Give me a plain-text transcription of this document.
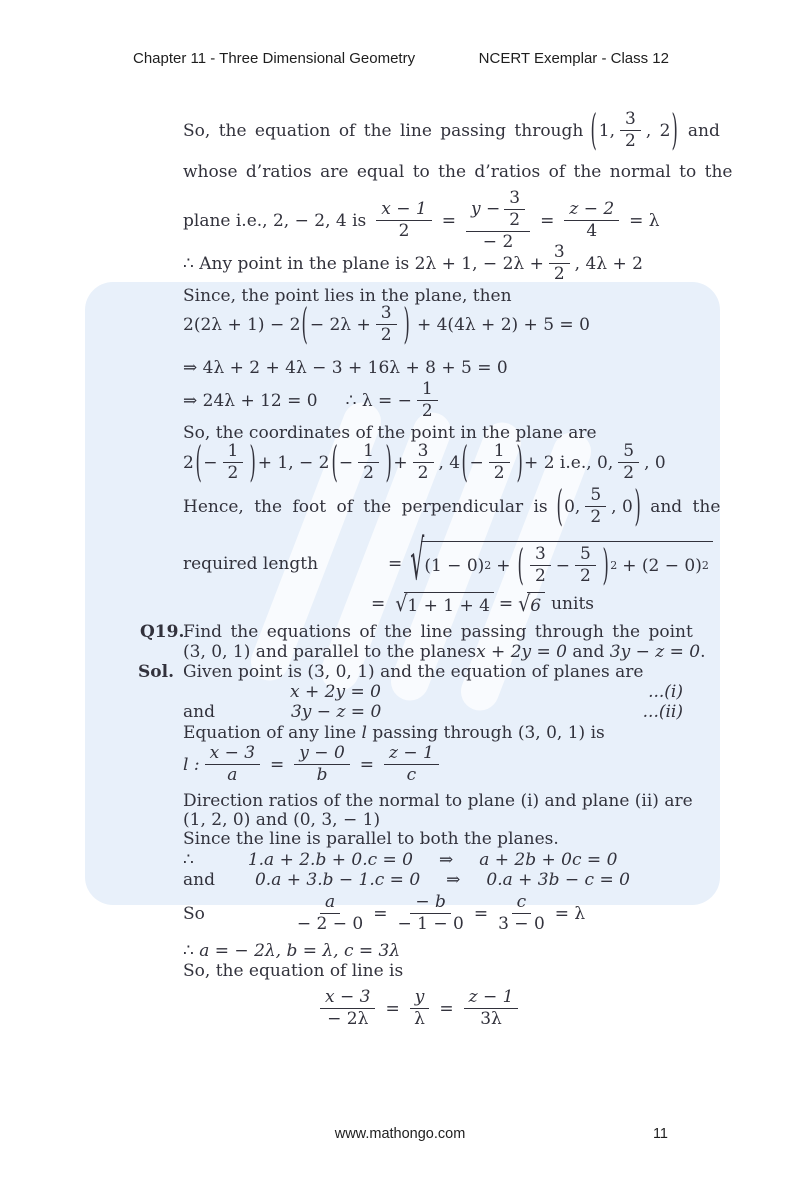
Chapter 11 - Three Dimensional Geometry	NCERT Exemplar - Class 12
So, the equation of the line passing through ( 1, $\frac{3}{2}$ , 2 ) and
whose d’ratios are equal to the d’ratios of the normal to the
plane i.e., 2, − 2, 4 is $\frac{x - 1}{2} = \frac{y - \frac{3}{2}}{- 2} = \frac{z - 2}{4} = \lambda$
∴ Any point in the plane is 2λ + 1, − $2\lambda + \frac{3}{2}$ , 4λ + 2
Since, the point lies in the plane, then
2(2λ + 1) − 2 ( − $2\lambda + \frac{3}{2}$ ) + 4(4λ + 2) + 5 = 0
⇒ 4λ + 2 + 4λ − 3 + 16λ + 8 + 5 = 0
⇒ 24λ + 12 = 0 ∴ λ = − $\frac{1}{2}$
So, the coordinates of the point in the plane are
2 ( − $\frac{1}{2}$ ) + 1, − 2 ( − $\frac{1}{2}$ ) + $\frac{3}{2}$ , 4 ( − $\frac{1}{2}$ ) + 2 i.e., 0, $\frac{5}{2}$ , 0
Hence, the foot of the perpendicular is ( 0, $\frac{5}{2}$ , 0 ) and the
required length	= √ (1 − 0) 2 + ( $\frac{3}{2} - \frac{5}{2}$ ) 2 + (2 − 0) 2
= √ 1 + 1 + 4 = √ 6 units
Q19.
Find the equations of the line passing through the point
(3, 0, 1) and parallel to the planes x + 2y = 0 and 3y − z = 0 .
Sol. Given point is (3, 0, 1) and the equation of planes are
x + 2y = 0	...(i)
and	3y − z = 0	...(ii)
Equation of any line l passing through (3, 0, 1) is
l : $\frac{x - 3}{a} = \frac{y - 0}{b} = \frac{z - 1}{c}$
Direction ratios of the normal to plane (i) and plane (ii) are
(1, 2, 0) and (0, 3, − 1)
Since the line is parallel to both the planes.
∴	1.a + 2.b + 0.c = 0 ⇒ a + 2b + 0c = 0
and 0.a + 3.b − 1.c = 0 ⇒ 0.a + 3b − c = 0
So	$\frac{a}{- 2 - 0} = \frac{- b}{- 1 - 0} = \frac{c}{3 - 0} = \lambda$
∴ a = − 2λ, b = λ, c = 3λ
So, the equation of line is
$\frac{x - 3}{- 2\lambda} = \frac{y}{\lambda} = \frac{z - 1}{3\lambda}$
www.mathongo.com	11
